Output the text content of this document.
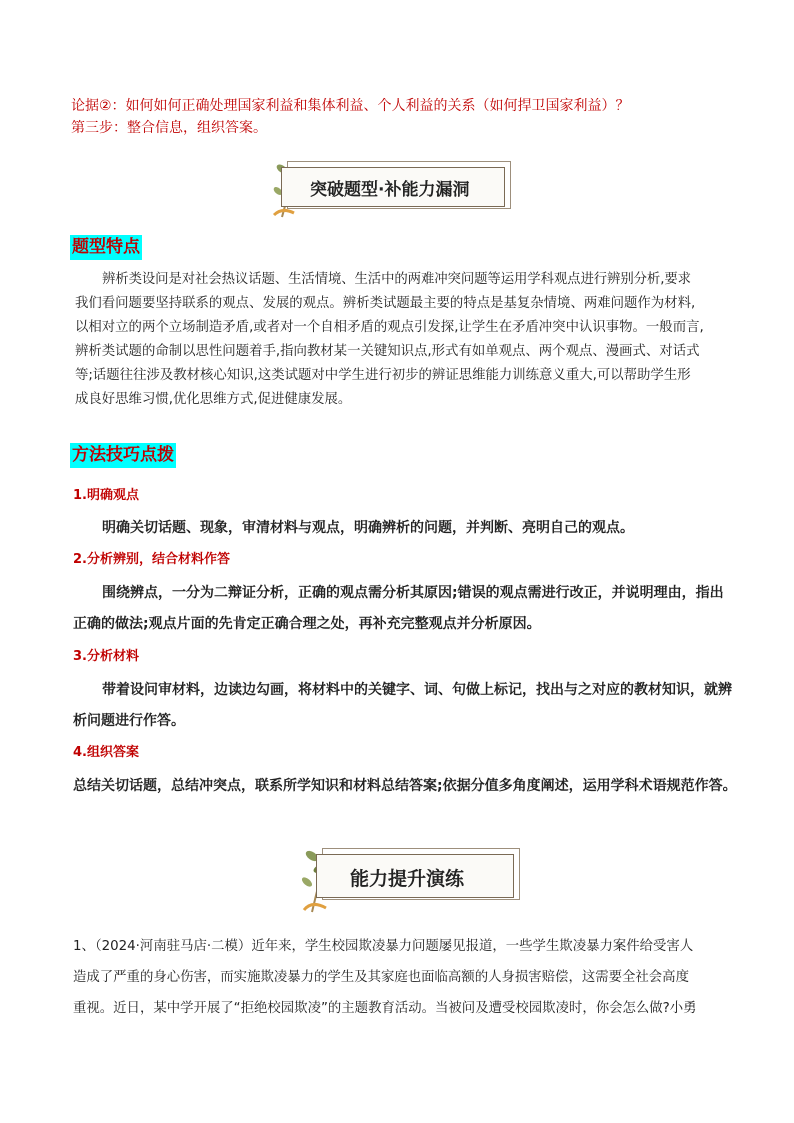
论据②：如何如何正确处理国家利益和集体利益、个人利益的关系（如何捍卫国家利益）？
第三步：整合信息，组织答案。
突破题型·补能力漏洞
题型特点
辨析类设问是对社会热议话题、生活情境、生活中的两难冲突问题等运用学科观点进行辨别分析,要求
我们看问题要坚持联系的观点、发展的观点。辨析类试题最主要的特点是基复杂情境、两难问题作为材料,
以相对立的两个立场制造矛盾,或者对一个自相矛盾的观点引发探,让学生在矛盾冲突中认识事物。一般而言,
辨析类试题的命制以思性问题着手,指向教材某一关键知识点,形式有如单观点、两个观点、漫画式、对话式
等;话题往往涉及教材核心知识,这类试题对中学生进行初步的辨证思维能力训练意义重大,可以帮助学生形
成良好思维习惯,优化思维方式,促进健康发展。
方法技巧点拨
1.明确观点
明确关切话题、现象，审清材料与观点，明确辨析的问题，并判断、亮明自己的观点。
2.分析辨别，结合材料作答
围绕辨点，一分为二辩证分析，正确的观点需分析其原因;错误的观点需进行改正，并说明理由，指出
正确的做法;观点片面的先肯定正确合理之处，再补充完整观点并分析原因。
3.分析材料
带着设问审材料，边读边勾画，将材料中的关键字、词、句做上标记，找出与之对应的教材知识，就辨
析问题进行作答。
4.组织答案
总结关切话题，总结冲突点，联系所学知识和材料总结答案;依据分值多角度阐述，运用学科术语规范作答。
能力提升演练
1、（2024·河南驻马店·二模）近年来，学生校园欺凌暴力问题屡见报道，一些学生欺凌暴力案件给受害人
造成了严重的身心伤害，而实施欺凌暴力的学生及其家庭也面临高额的人身损害赔偿，这需要全社会高度
重视。近日，某中学开展了“拒绝校园欺凌”的主题教育活动。当被问及遭受校园欺凌时，你会怎么做?小勇
